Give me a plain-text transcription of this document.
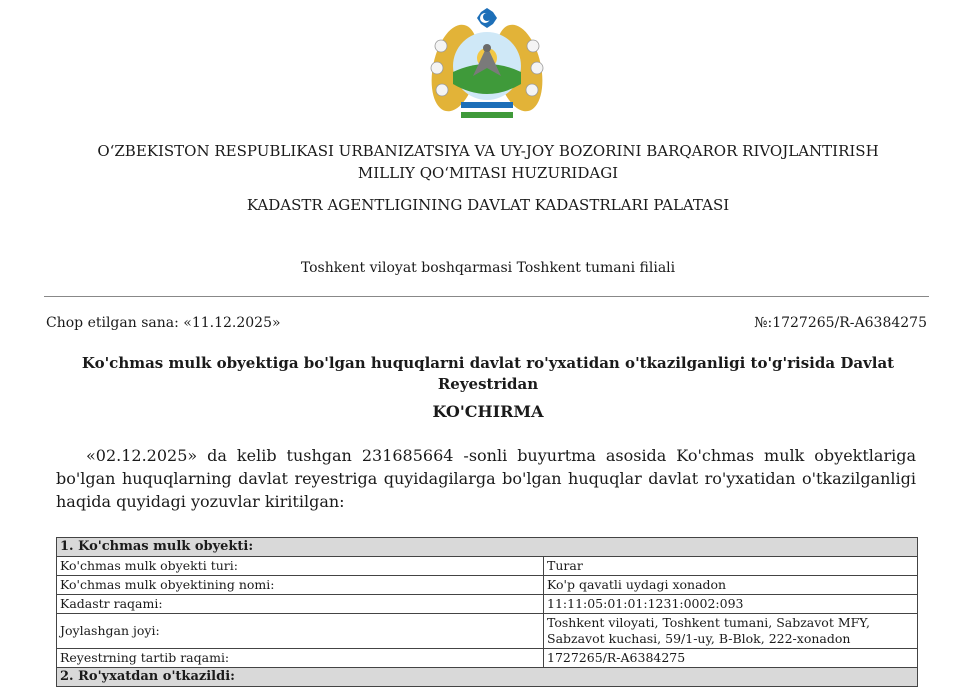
O‘ZBEKISTON RESPUBLIKASI URBANIZATSIYA VA UY-JOY BOZORINI BARQAROR RIVOJLANTIRISH
MILLIY QO‘MITASI HUZURIDAGI
KADASTR AGENTLIGINING DAVLAT KADASTRLARI PALATASI
Toshkent viloyat boshqarmasi Toshkent tumani filiali
Chop etilgan sana: «11.12.2025»	№:1727265/R-A6384275
Ko'chmas mulk obyektiga bo'lgan huquqlarni davlat ro'yxatidan o'tkazilganligi to'g'risida Davlat Reyestridan
KO'CHIRMA
«02.12.2025» da kelib tushgan 231685664 -sonli buyurtma asosida Ko'chmas mulk obyektlariga bo'lgan huquqlarning davlat reyestriga quyidagilarga bo'lgan huquqlar davlat ro'yxatidan o'tkazilganligi haqida quyidagi yozuvlar kiritilgan:
1. Ko'chmas mulk obyekti:	
Ko'chmas mulk obyekti turi:	Turar
Ko'chmas mulk obyektining nomi:	Ko'p qavatli uydagi xonadon
Kadastr raqami:	11:11:05:01:01:1231:0002:093
Joylashgan joyi:	Toshkent viloyati, Toshkent tumani, Sabzavot MFY, Sabzavot kuchasi, 59/1-uy, B-Blok, 222-xonadon
Reyestrning tartib raqami:	1727265/R-A6384275
2. Ro'yxatdan o'tkazildi:	
